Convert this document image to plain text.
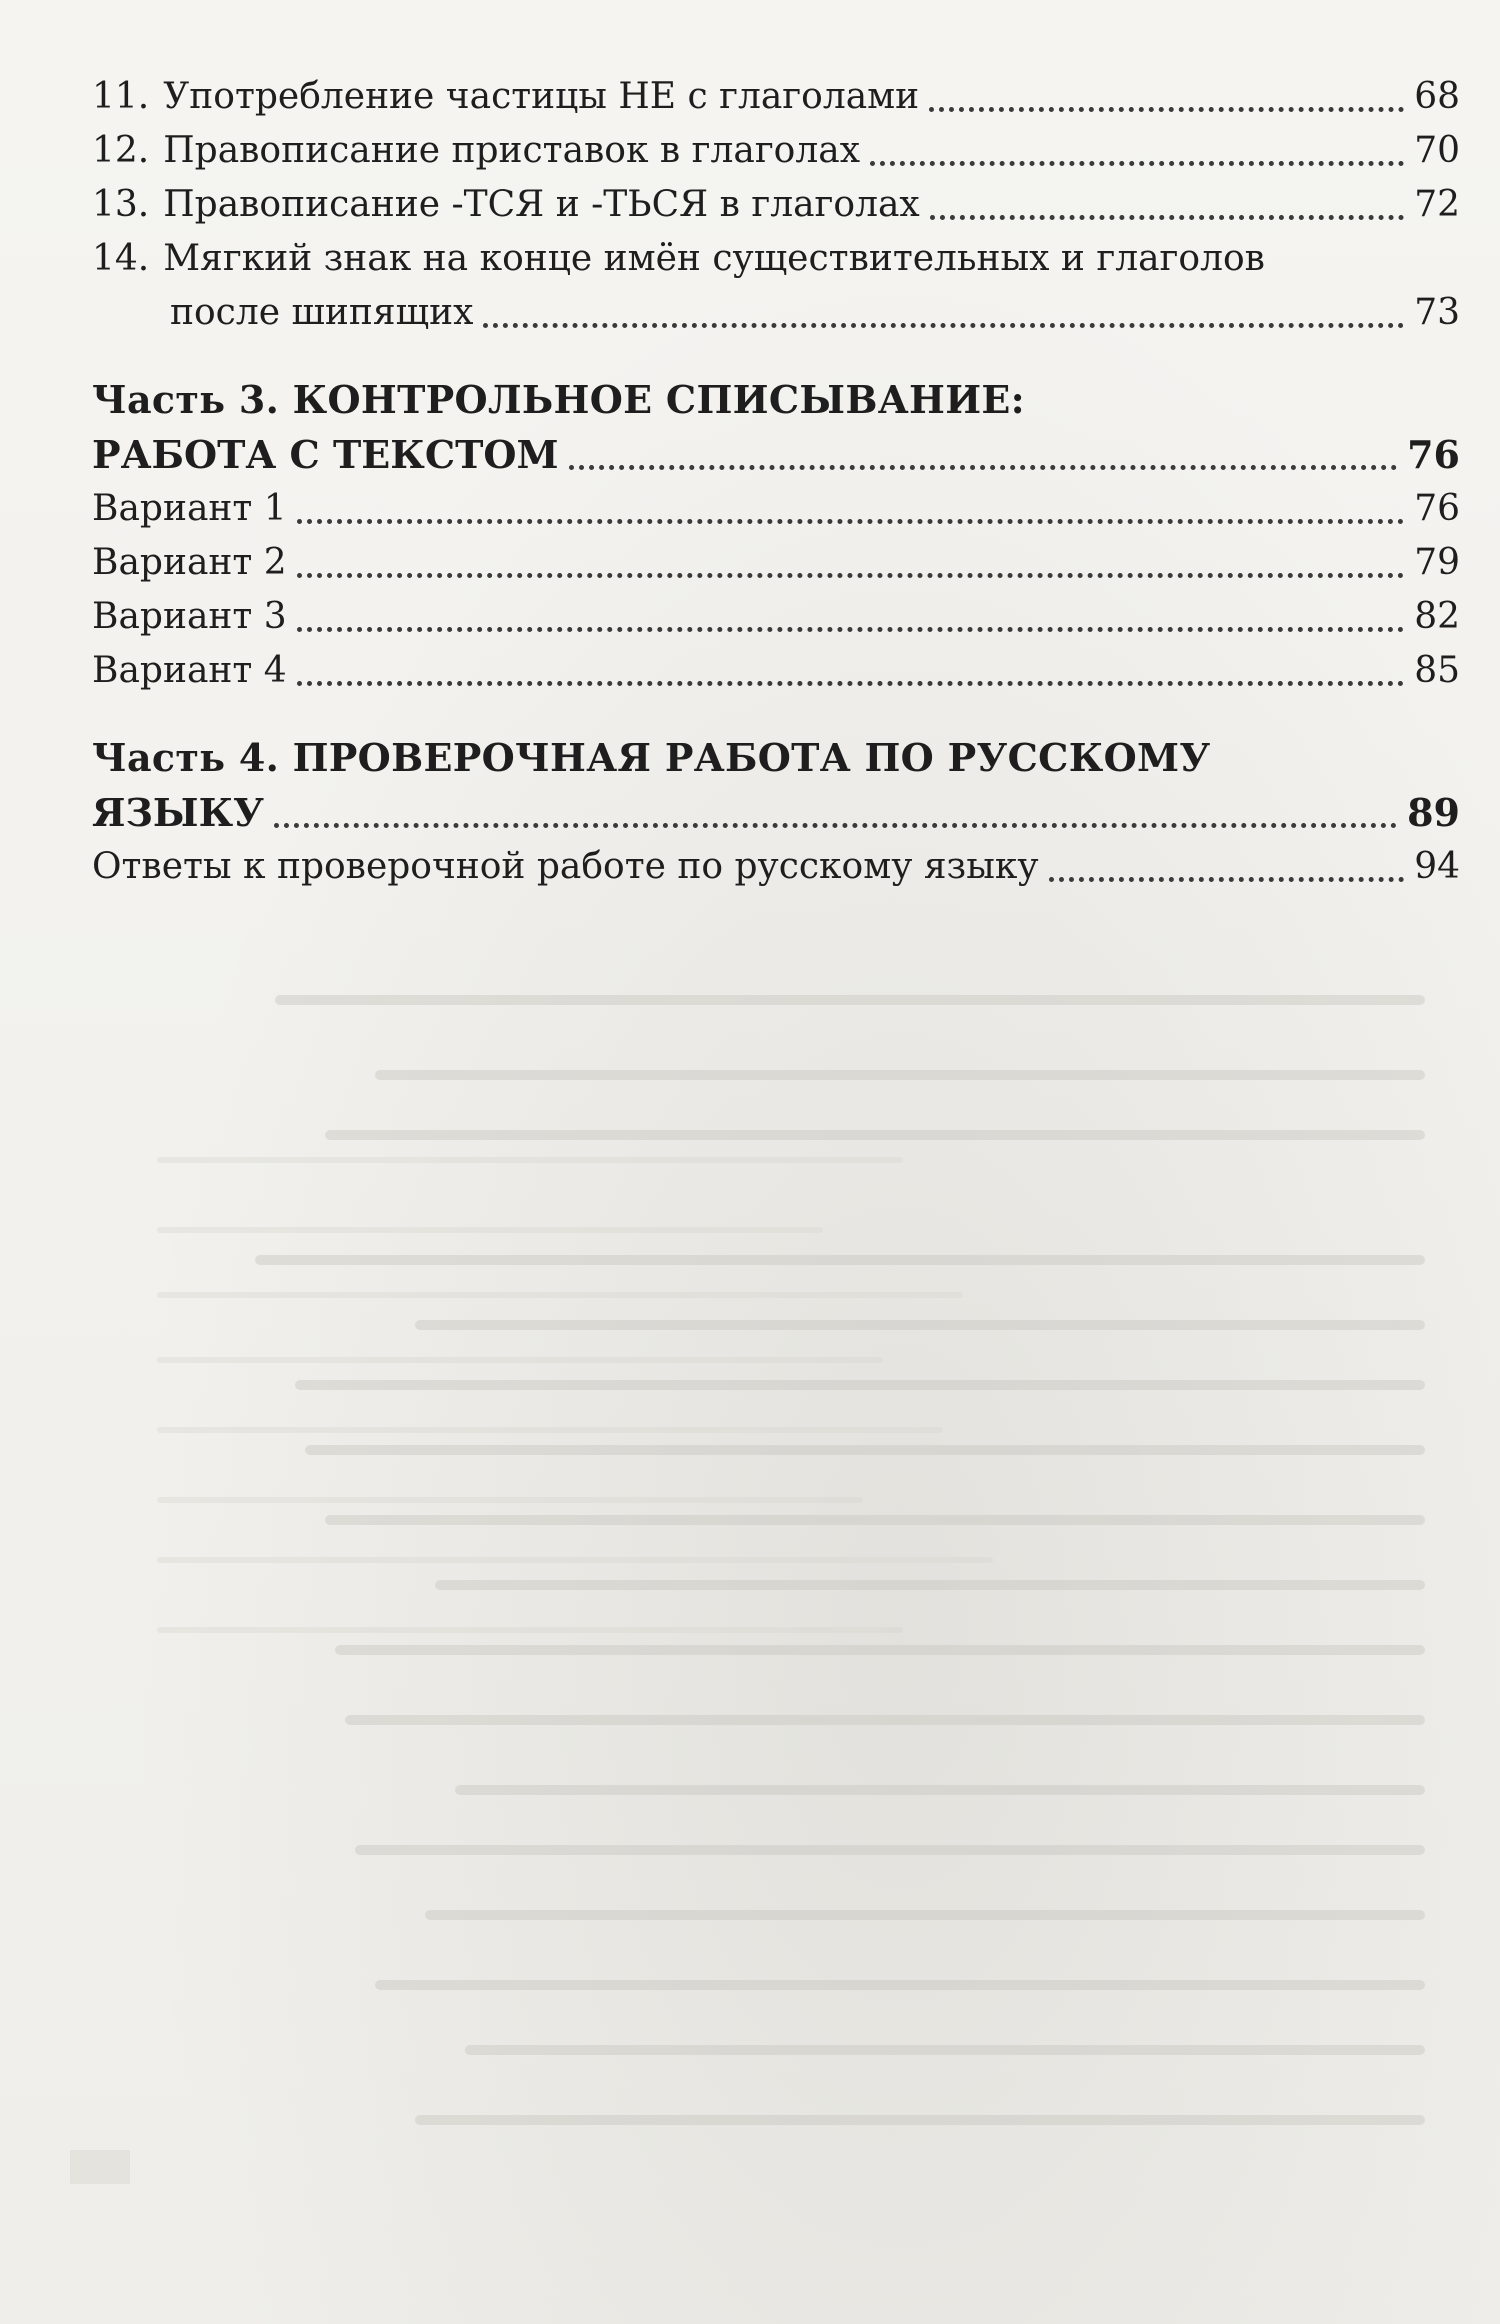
11. Употребление частицы НЕ с глаголами	68
12. Правописание приставок в глаголах	70
13. Правописание -ТСЯ и -ТЬСЯ в глаголах	72
14. Мягкий знак на конце имён существительных и глаголов
после шипящих	73
Часть 3. КОНТРОЛЬНОЕ СПИСЫВАНИЕ:
РАБОТА С ТЕКСТОМ	76
Вариант 1	76
Вариант 2	79
Вариант 3	82
Вариант 4	85
Часть 4. ПРОВЕРОЧНАЯ РАБОТА ПО РУССКОМУ
ЯЗЫКУ	89
Ответы к проверочной работе по русскому языку	94
